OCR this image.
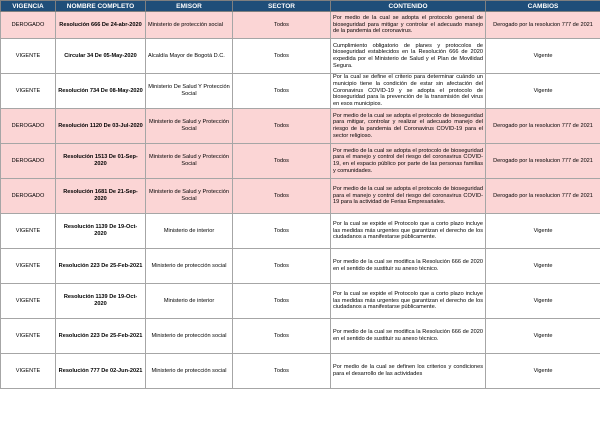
VIGENCIA	NOMBRE COMPLETO	EMISOR	SECTOR	CONTENIDO	CAMBIOS
DEROGADO	Resolución 666 De 24-abr-2020	Ministerio de protección social	Todos	Por medio de la cual se adopta el protocolo general de bioseguridad para mitigar y controlar el adecuado manejo de la pandemia del coronavirus.	Derogado por la resolucion 777 de 2021
VIGENTE	Circular 34 De 05-May-2020	Alcaldía Mayor de Bogotá D.C.	Todos	Cumplimiento obligatorio de planes y protocolos de bioseguridad establecidos en la Resolución 666 de 2020 expedida por el Ministerio de Salud y el Plan de Movilidad Segura.	Vigente
VIGENTE	Resolución 734 De 08-May-2020	Ministerio De Salud Y Protección Social	Todos	Por la cual se define el criterio para determinar cuándo un municipio tiene la condición de estar sin afectación del Coronavirus COVID-19 y se adopta el protocolo de bioseguridad para la prevención de la transmisión del virus en esos municipios.	Vigente
DEROGADO	Resolución 1120 De 03-Jul-2020	Ministerio de Salud y Protección Social	Todos	Por medio de la cual se adopta el protocolo de bioseguridad para mitigar, controlar y realizar el adecuado manejo del riesgo de la pandemia del Coronavirus COVID-19 para el sector religioso.	Derogado por la resolucion 777 de 2021
DEROGADO	Resolución 1513 De 01-Sep-2020	Ministerio de Salud y Protección Social	Todos	Por medio de la cual se adopta el protocolo de bioseguridad para el manejo y control del riesgo del coronavirus COVID-19, en el espacio público por parte de las personas familias y comunidades.	Derogado por la resolucion 777 de 2021
DEROGADO	Resolución 1681 De 21-Sep-2020	Ministerio de Salud y Protección Social	Todos	Por medio de la cual se adopta el protocolo de bioseguridad para el manejo y control del riesgo del coronavirus COVID-19 para la actividad de Ferias Empresariales.	Derogado por la resolucion 777 de 2021
VIGENTE	Resolución 1139 De 19-Oct-2020	Ministerio de interior	Todos	Por la cual se expide el Protocolo que a corto plazo incluye las medidas más urgentes que garantizan el derecho de los ciudadanos a manifestarse públicamente.	Vigente
VIGENTE	Resolución 223 De 25-Feb-2021	Ministerio de protección social	Todos	Por medio de la cual se modifica la Resolución 666 de 2020 en el sentido de sustituir su anexo técnico.	Vigente
VIGENTE	Resolución 1139 De 19-Oct-2020	Ministerio de interior	Todos	Por la cual se expide el Protocolo que a corto plazo incluye las medidas más urgentes que garantizan el derecho de los ciudadanos a manifestarse públicamente.	Vigente
VIGENTE	Resolución 223 De 25-Feb-2021	Ministerio de protección social	Todos	Por medio de la cual se modifica la Resolución 666 de 2020 en el sentido de sustituir su anexo técnico.	Vigente
VIGENTE	Resolución 777 De 02-Jun-2021	Ministerio de protección social	Todos	Por medio de la cual se definen los criterios y condiciones para el desarrollo de las actividades	Vigente
